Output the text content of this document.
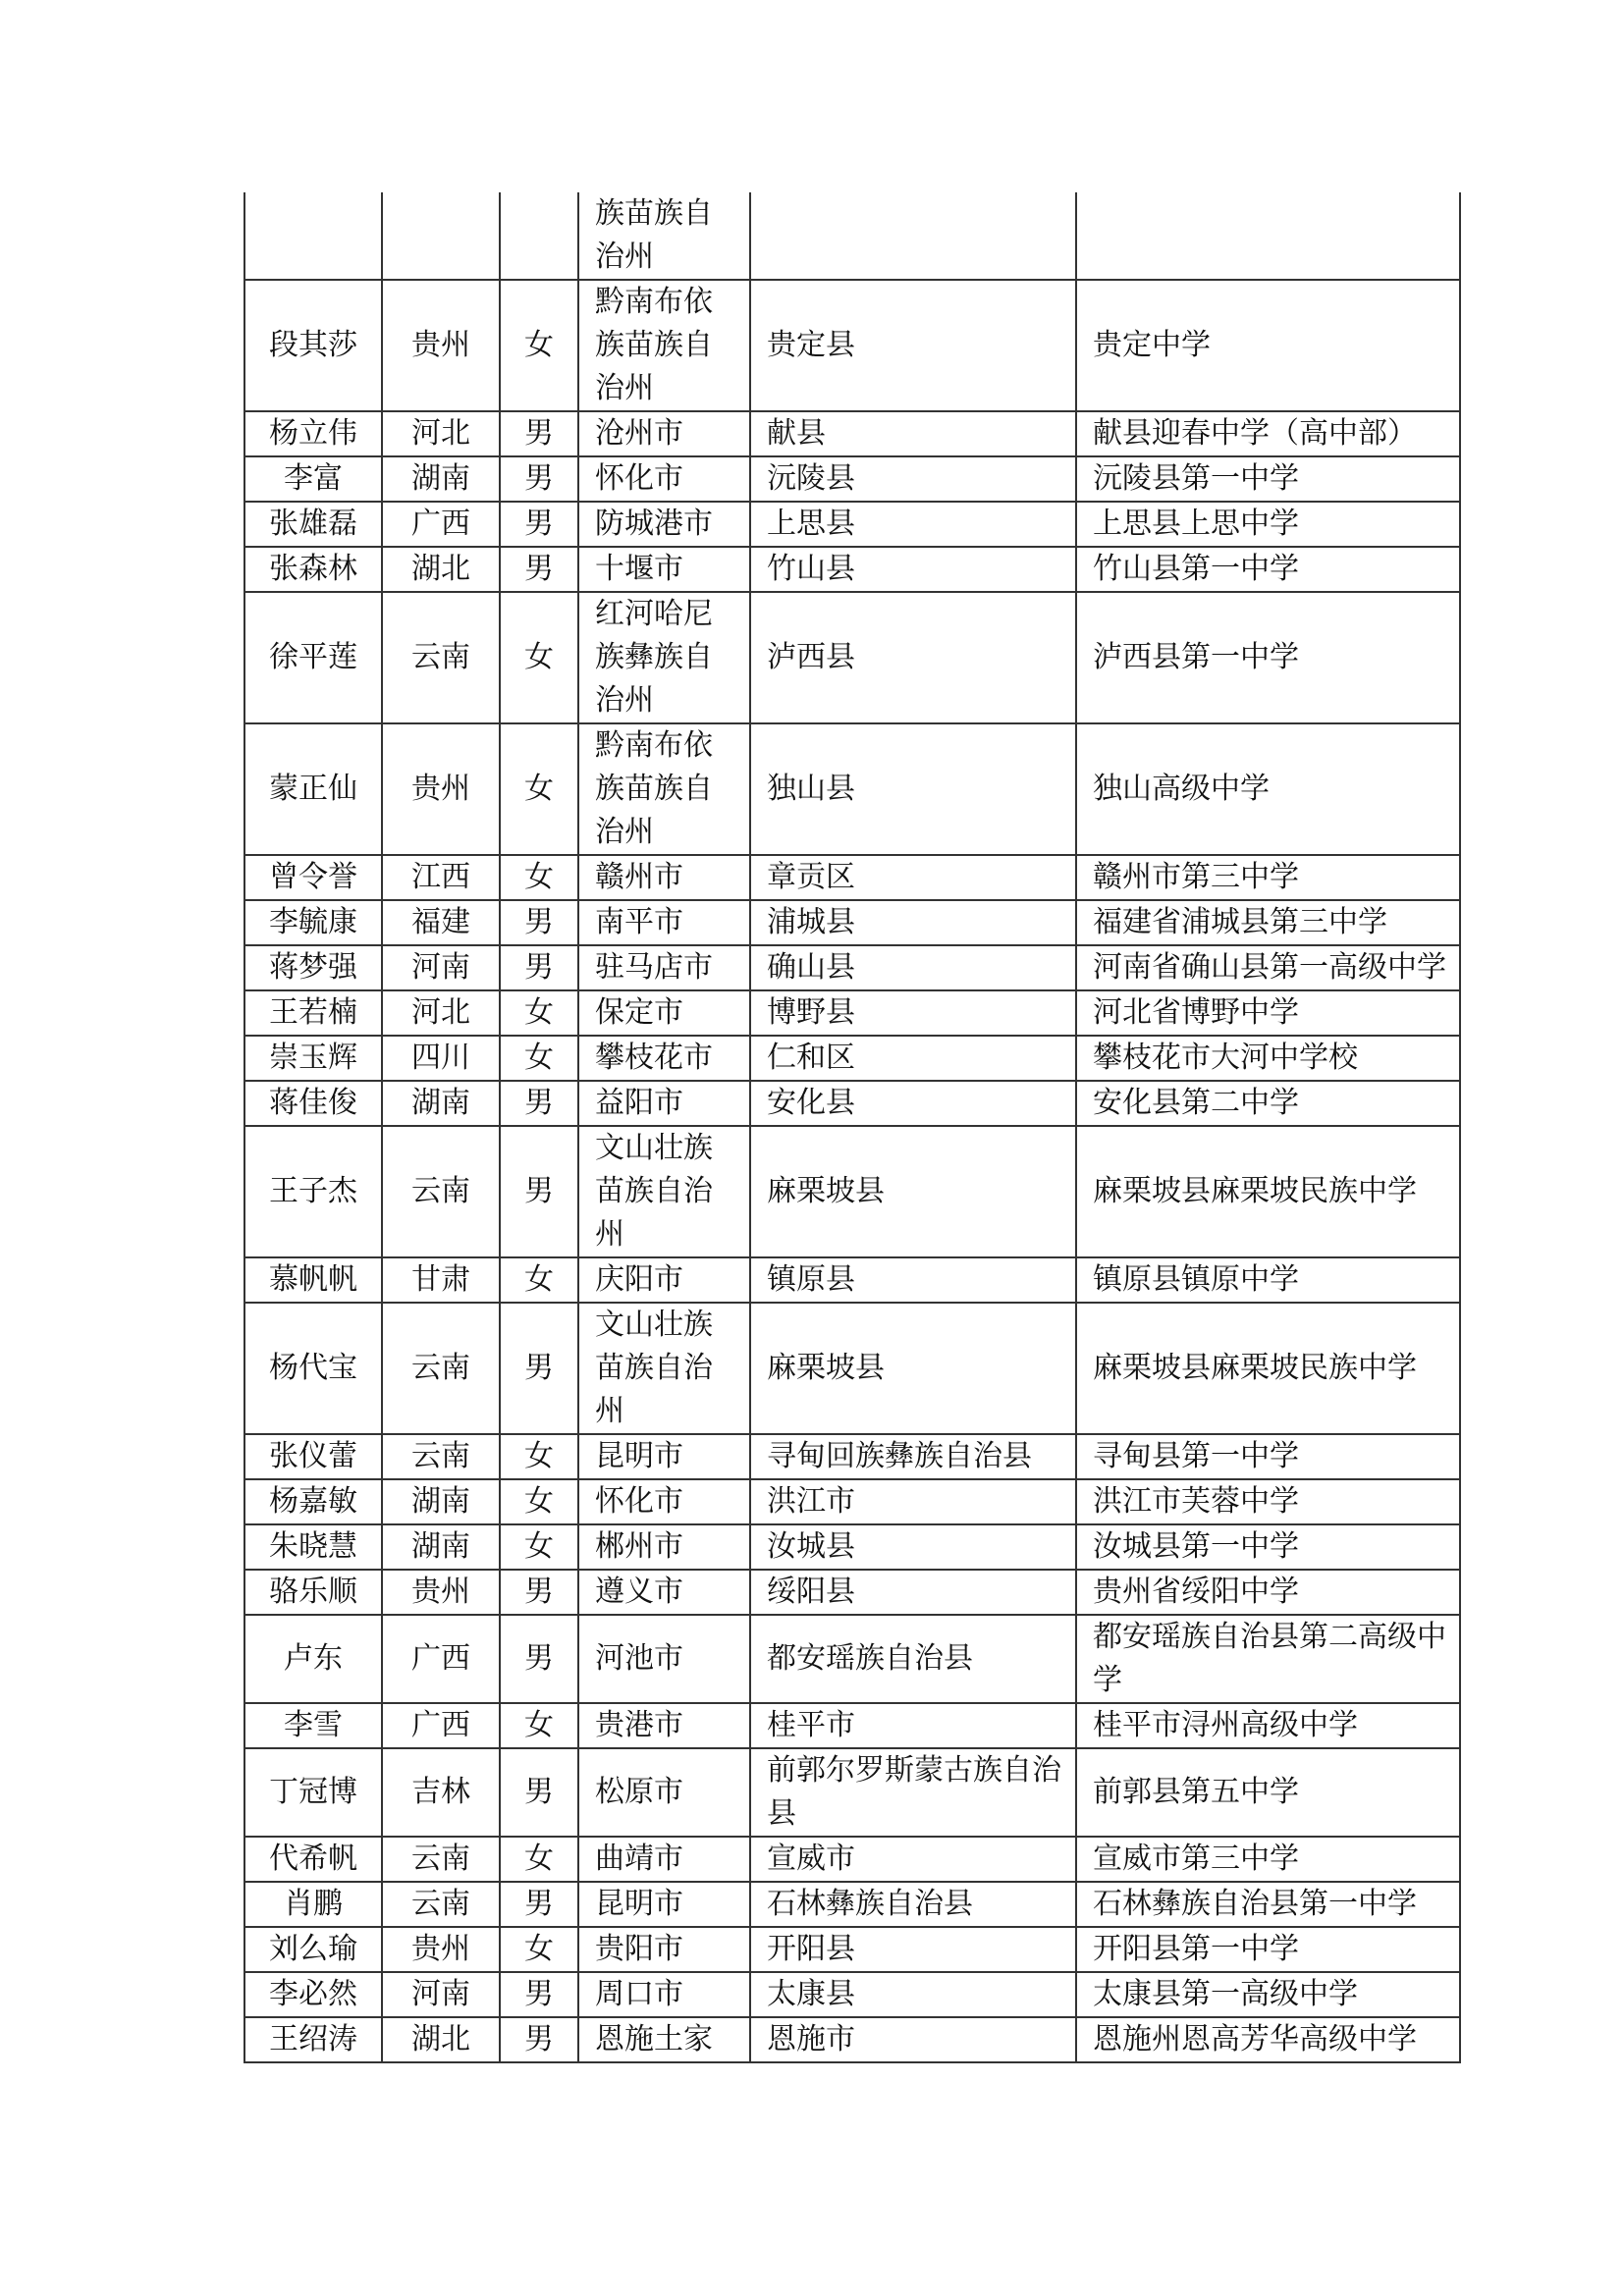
			族苗族自治州		
段其莎	贵州	女	黔南布依族苗族自治州	贵定县	贵定中学
杨立伟	河北	男	沧州市	献县	献县迎春中学（高中部）
李富	湖南	男	怀化市	沅陵县	沅陵县第一中学
张雄磊	广西	男	防城港市	上思县	上思县上思中学
张森林	湖北	男	十堰市	竹山县	竹山县第一中学
徐平莲	云南	女	红河哈尼族彝族自治州	泸西县	泸西县第一中学
蒙正仙	贵州	女	黔南布依族苗族自治州	独山县	独山高级中学
曾令誉	江西	女	赣州市	章贡区	赣州市第三中学
李毓康	福建	男	南平市	浦城县	福建省浦城县第三中学
蒋梦强	河南	男	驻马店市	确山县	河南省确山县第一高级中学
王若楠	河北	女	保定市	博野县	河北省博野中学
崇玉辉	四川	女	攀枝花市	仁和区	攀枝花市大河中学校
蒋佳俊	湖南	男	益阳市	安化县	安化县第二中学
王子杰	云南	男	文山壮族苗族自治州	麻栗坡县	麻栗坡县麻栗坡民族中学
慕帆帆	甘肃	女	庆阳市	镇原县	镇原县镇原中学
杨代宝	云南	男	文山壮族苗族自治州	麻栗坡县	麻栗坡县麻栗坡民族中学
张仪蕾	云南	女	昆明市	寻甸回族彝族自治县	寻甸县第一中学
杨嘉敏	湖南	女	怀化市	洪江市	洪江市芙蓉中学
朱晓慧	湖南	女	郴州市	汝城县	汝城县第一中学
骆乐顺	贵州	男	遵义市	绥阳县	贵州省绥阳中学
卢东	广西	男	河池市	都安瑶族自治县	都安瑶族自治县第二高级中学
李雪	广西	女	贵港市	桂平市	桂平市浔州高级中学
丁冠博	吉林	男	松原市	前郭尔罗斯蒙古族自治县	前郭县第五中学
代希帆	云南	女	曲靖市	宣威市	宣威市第三中学
肖鹏	云南	男	昆明市	石林彝族自治县	石林彝族自治县第一中学
刘么瑜	贵州	女	贵阳市	开阳县	开阳县第一中学
李必然	河南	男	周口市	太康县	太康县第一高级中学
王绍涛	湖北	男	恩施土家	恩施市	恩施州恩高芳华高级中学
